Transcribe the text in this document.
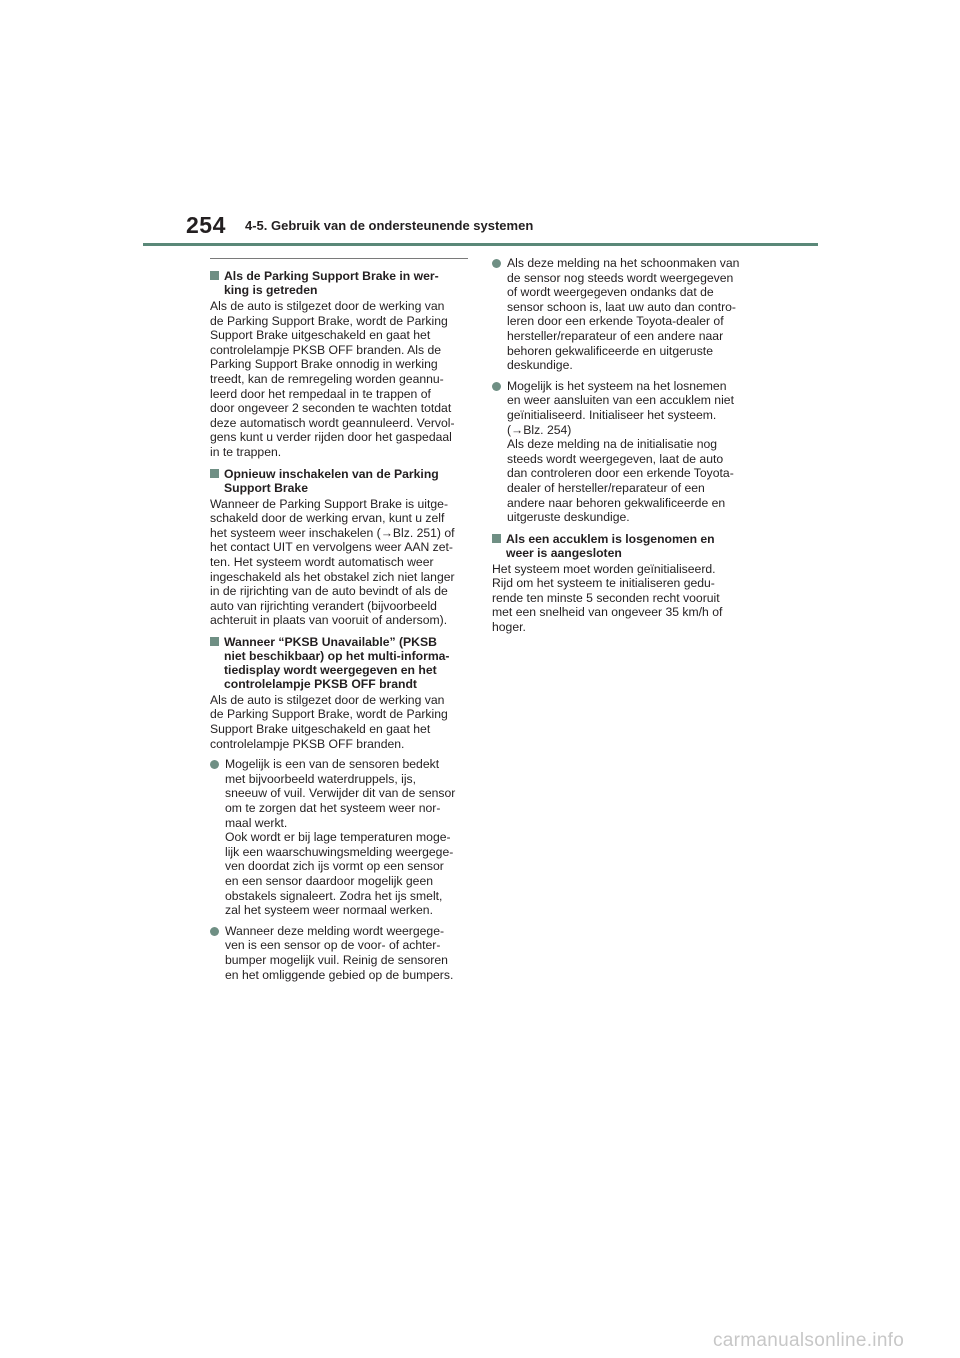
254 4-5. Gebruik van de ondersteunende systemen
Als de Parking Support Brake in wer-
king is getreden
Als de auto is stilgezet door de werking van
de Parking Support Brake, wordt de Parking
Support Brake uitgeschakeld en gaat het
controlelampje PKSB OFF branden. Als de
Parking Support Brake onnodig in werking
treedt, kan de remregeling worden geannu-
leerd door het rempedaal in te trappen of
door ongeveer 2 seconden te wachten totdat
deze automatisch wordt geannuleerd. Vervol-
gens kunt u verder rijden door het gaspedaal
in te trappen.
Opnieuw inschakelen van de Parking
Support Brake
Wanneer de Parking Support Brake is uitge-
schakeld door de werking ervan, kunt u zelf
het systeem weer inschakelen (→Blz. 251) of
het contact UIT en vervolgens weer AAN zet-
ten. Het systeem wordt automatisch weer
ingeschakeld als het obstakel zich niet langer
in de rijrichting van de auto bevindt of als de
auto van rijrichting verandert (bijvoorbeeld
achteruit in plaats van vooruit of andersom).
Wanneer “PKSB Unavailable” (PKSB
niet beschikbaar) op het multi-informa-
tiedisplay wordt weergegeven en het
controlelampje PKSB OFF brandt
Als de auto is stilgezet door de werking van
de Parking Support Brake, wordt de Parking
Support Brake uitgeschakeld en gaat het
controlelampje PKSB OFF branden.
Mogelijk is een van de sensoren bedekt
met bijvoorbeeld waterdruppels, ijs,
sneeuw of vuil. Verwijder dit van de sensor
om te zorgen dat het systeem weer nor-
maal werkt.
Ook wordt er bij lage temperaturen moge-
lijk een waarschuwingsmelding weergege-
ven doordat zich ijs vormt op een sensor
en een sensor daardoor mogelijk geen
obstakels signaleert. Zodra het ijs smelt,
zal het systeem weer normaal werken.
Wanneer deze melding wordt weergege-
ven is een sensor op de voor- of achter-
bumper mogelijk vuil. Reinig de sensoren
en het omliggende gebied op de bumpers.
Als deze melding na het schoonmaken van
de sensor nog steeds wordt weergegeven
of wordt weergegeven ondanks dat de
sensor schoon is, laat uw auto dan contro-
leren door een erkende Toyota-dealer of
hersteller/reparateur of een andere naar
behoren gekwalificeerde en uitgeruste
deskundige.
Mogelijk is het systeem na het losnemen
en weer aansluiten van een accuklem niet
geïnitialiseerd. Initialiseer het systeem.
(→Blz. 254)
Als deze melding na de initialisatie nog
steeds wordt weergegeven, laat de auto
dan controleren door een erkende Toyota-
dealer of hersteller/reparateur of een
andere naar behoren gekwalificeerde en
uitgeruste deskundige.
Als een accuklem is losgenomen en
weer is aangesloten
Het systeem moet worden geïnitialiseerd.
Rijd om het systeem te initialiseren gedu-
rende ten minste 5 seconden recht vooruit
met een snelheid van ongeveer 35 km/h of
hoger.
carmanualsonline.info
